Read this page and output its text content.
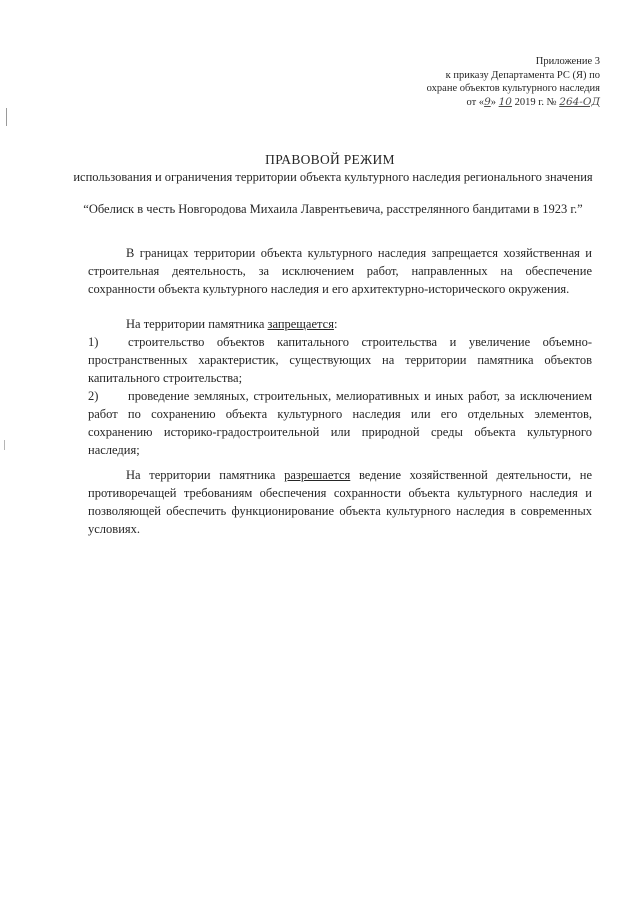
Приложение 3
к приказу Департамента РС (Я) по
охране объектов культурного наследия
от «9» 10 2019 г. № 264-ОД
ПРАВОВОЙ РЕЖИМ
использования и ограничения территории объекта культурного наследия регионального значения
“Обелиск в честь Новгородова Михаила Лаврентьевича, расстрелянного бандитами в 1923 г.”
В границах территории объекта культурного наследия запрещается хозяйственная и строительная деятельность, за исключением работ, направленных на обеспечение сохранности объекта культурного наследия и его архитектурно-исторического окружения.
На территории памятника запрещается:
1) строительство объектов капитального строительства и увеличение объемно-пространственных характеристик, существующих на территории памятника объектов капитального строительства;
2) проведение земляных, строительных, мелиоративных и иных работ, за исключением работ по сохранению объекта культурного наследия или его отдельных элементов, сохранению историко-градостроительной или природной среды объекта культурного наследия;
На территории памятника разрешается ведение хозяйственной деятельности, не противоречащей требованиям обеспечения сохранности объекта культурного наследия и позволяющей обеспечить функционирование объекта культурного наследия в современных условиях.
